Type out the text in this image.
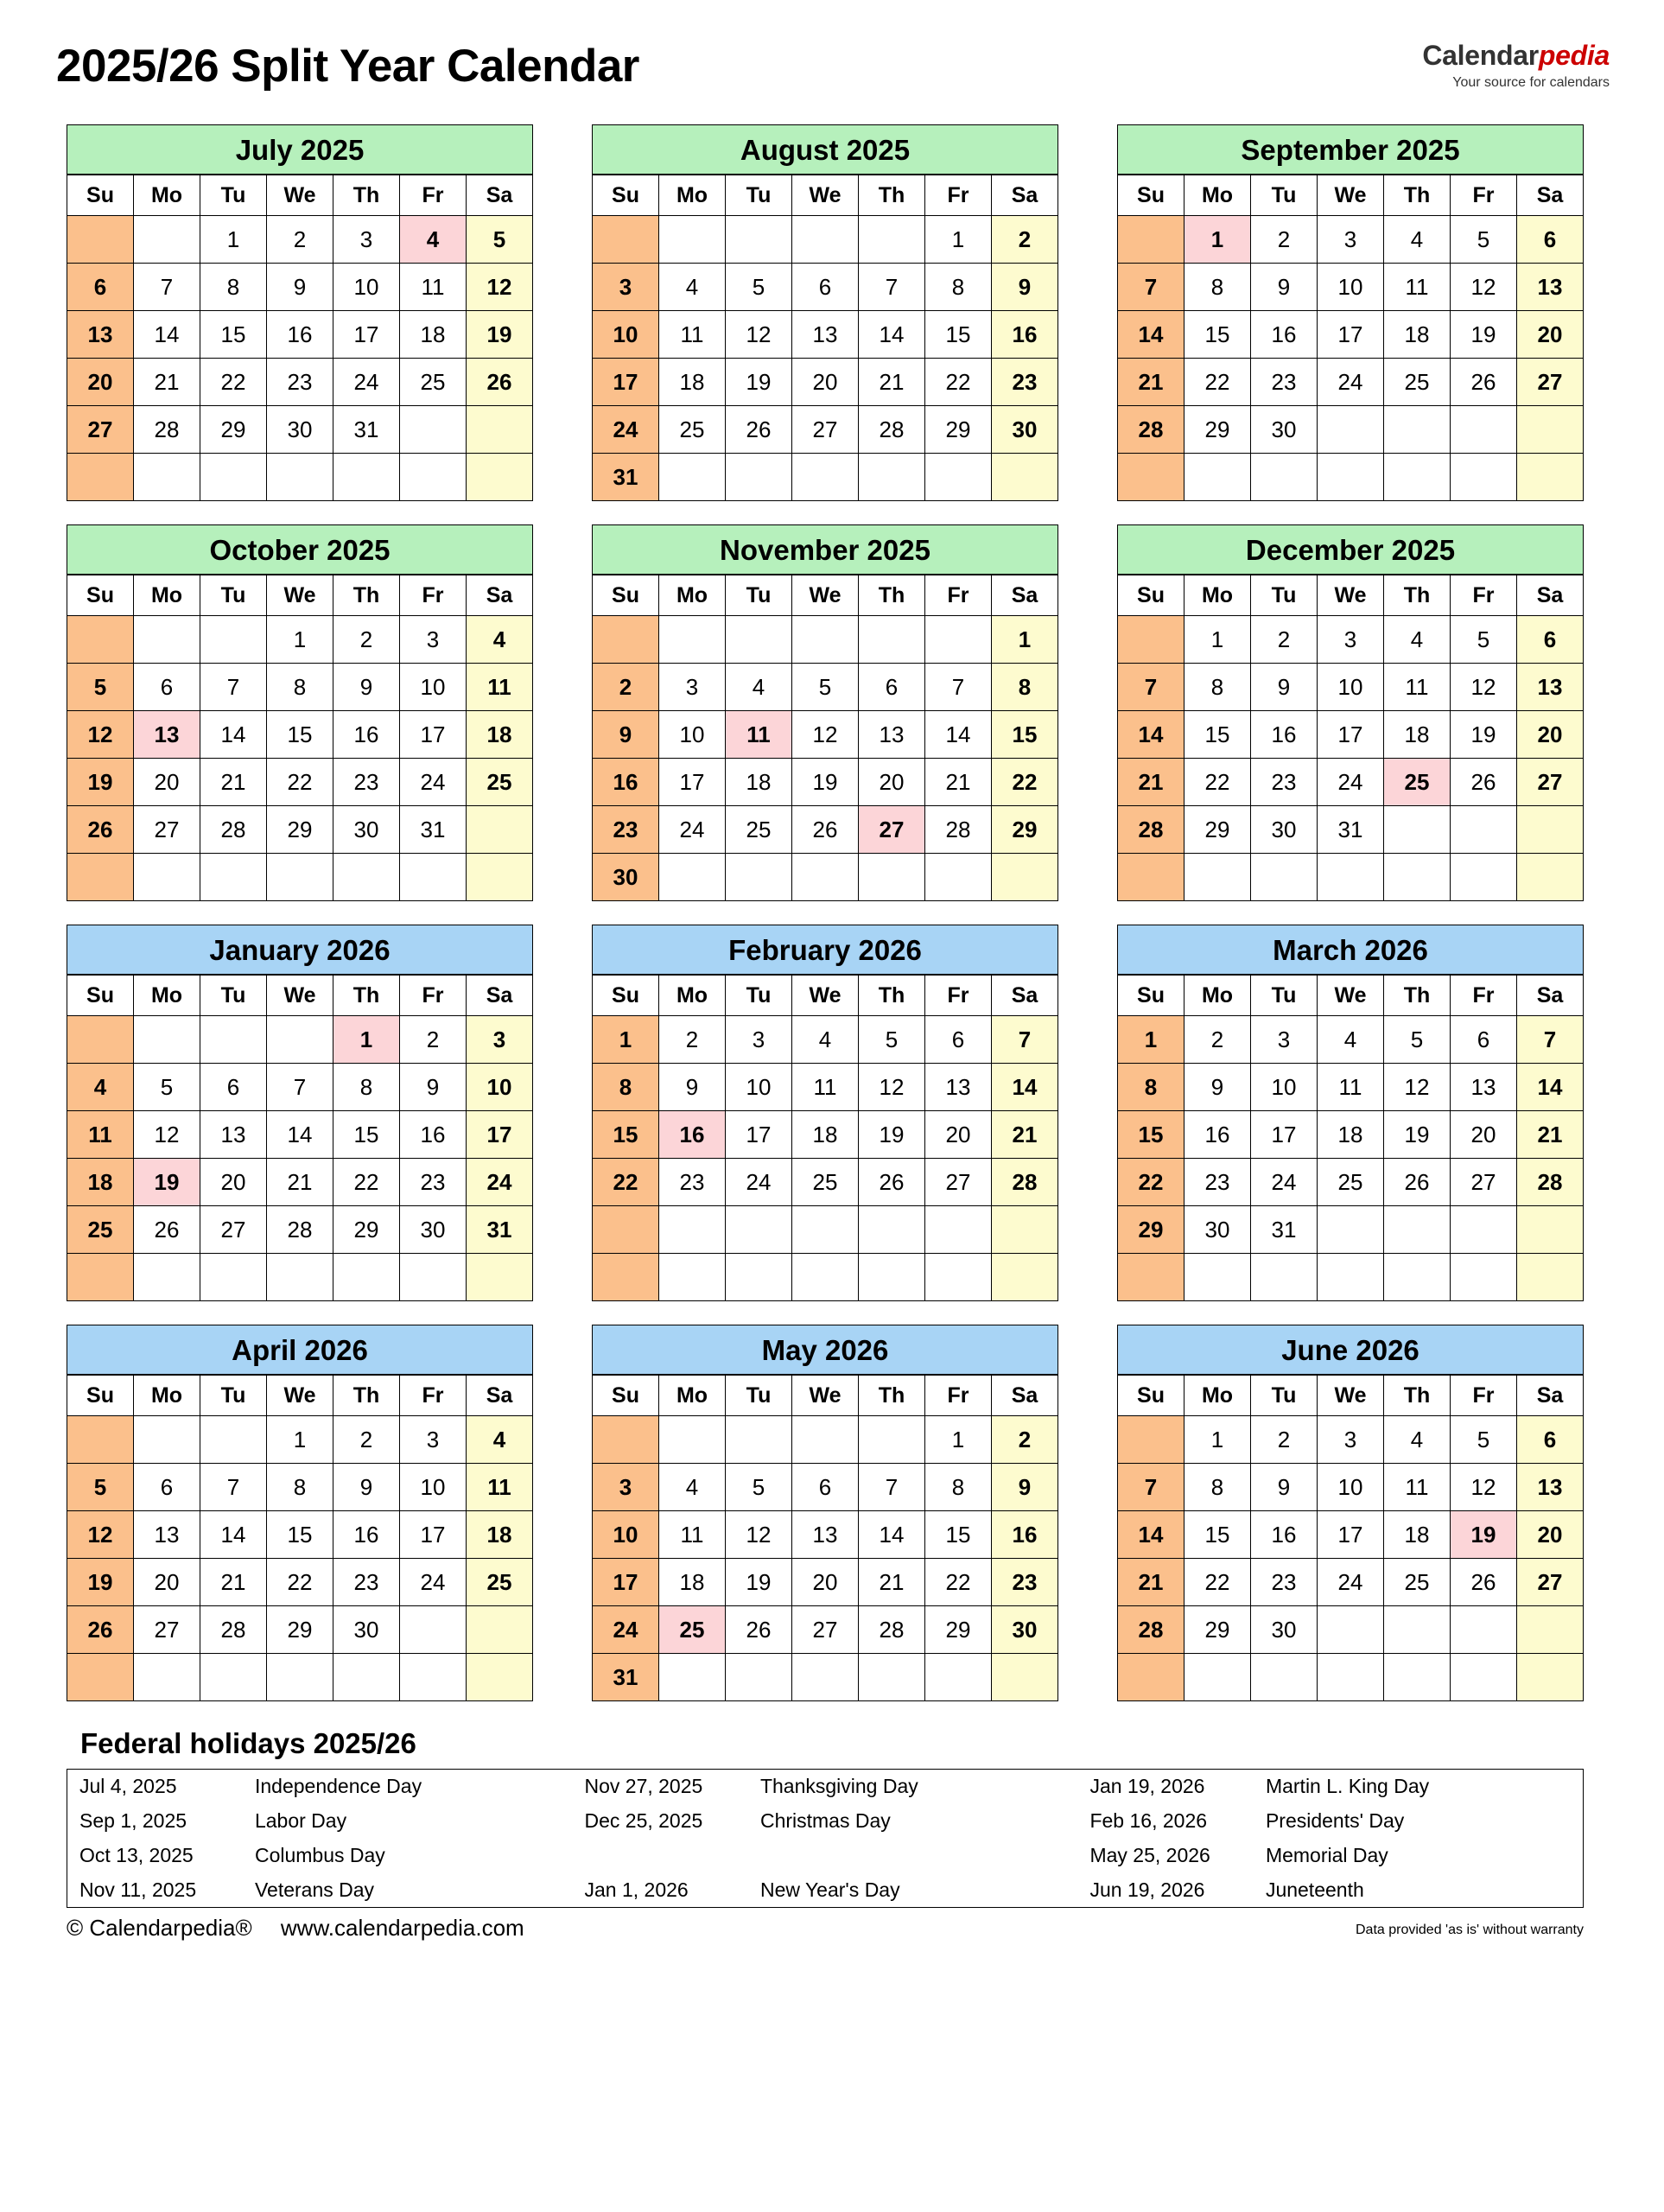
2025/26 Split Year Calendar	Calendarpedia
Your source for calendars
July 2025
Su	Mo	Tu	We	Th	Fr	Sa
		1	2	3	4	5
6	7	8	9	10	11	12
13	14	15	16	17	18	19
20	21	22	23	24	25	26
27	28	29	30	31		

August 2025
Su	Mo	Tu	We	Th	Fr	Sa
					1	2
3	4	5	6	7	8	9
10	11	12	13	14	15	16
17	18	19	20	21	22	23
24	25	26	27	28	29	30
31						
September 2025
Su	Mo	Tu	We	Th	Fr	Sa
	1	2	3	4	5	6
7	8	9	10	11	12	13
14	15	16	17	18	19	20
21	22	23	24	25	26	27
28	29	30				

October 2025
Su	Mo	Tu	We	Th	Fr	Sa
			1	2	3	4
5	6	7	8	9	10	11
12	13	14	15	16	17	18
19	20	21	22	23	24	25
26	27	28	29	30	31	

November 2025
Su	Mo	Tu	We	Th	Fr	Sa
						1
2	3	4	5	6	7	8
9	10	11	12	13	14	15
16	17	18	19	20	21	22
23	24	25	26	27	28	29
30						
December 2025
Su	Mo	Tu	We	Th	Fr	Sa
	1	2	3	4	5	6
7	8	9	10	11	12	13
14	15	16	17	18	19	20
21	22	23	24	25	26	27
28	29	30	31			

January 2026
Su	Mo	Tu	We	Th	Fr	Sa
				1	2	3
4	5	6	7	8	9	10
11	12	13	14	15	16	17
18	19	20	21	22	23	24
25	26	27	28	29	30	31

February 2026
Su	Mo	Tu	We	Th	Fr	Sa
1	2	3	4	5	6	7
8	9	10	11	12	13	14
15	16	17	18	19	20	21
22	23	24	25	26	27	28

March 2026
Su	Mo	Tu	We	Th	Fr	Sa
1	2	3	4	5	6	7
8	9	10	11	12	13	14
15	16	17	18	19	20	21
22	23	24	25	26	27	28
29	30	31				

April 2026
Su	Mo	Tu	We	Th	Fr	Sa
			1	2	3	4
5	6	7	8	9	10	11
12	13	14	15	16	17	18
19	20	21	22	23	24	25
26	27	28	29	30		

May 2026
Su	Mo	Tu	We	Th	Fr	Sa
					1	2
3	4	5	6	7	8	9
10	11	12	13	14	15	16
17	18	19	20	21	22	23
24	25	26	27	28	29	30
31						
June 2026
Su	Mo	Tu	We	Th	Fr	Sa
	1	2	3	4	5	6
7	8	9	10	11	12	13
14	15	16	17	18	19	20
21	22	23	24	25	26	27
28	29	30				

Federal holidays 2025/26
Jul 4, 2025	Independence Day	Nov 27, 2025	Thanksgiving Day	Jan 19, 2026	Martin L. King Day
Sep 1, 2025	Labor Day	Dec 25, 2025	Christmas Day	Feb 16, 2026	Presidents' Day
Oct 13, 2025	Columbus Day			May 25, 2026	Memorial Day
Nov 11, 2025	Veterans Day	Jan 1, 2026	New Year's Day	Jun 19, 2026	Juneteenth
© Calendarpedia® www.calendarpedia.com	Data provided 'as is' without warranty
